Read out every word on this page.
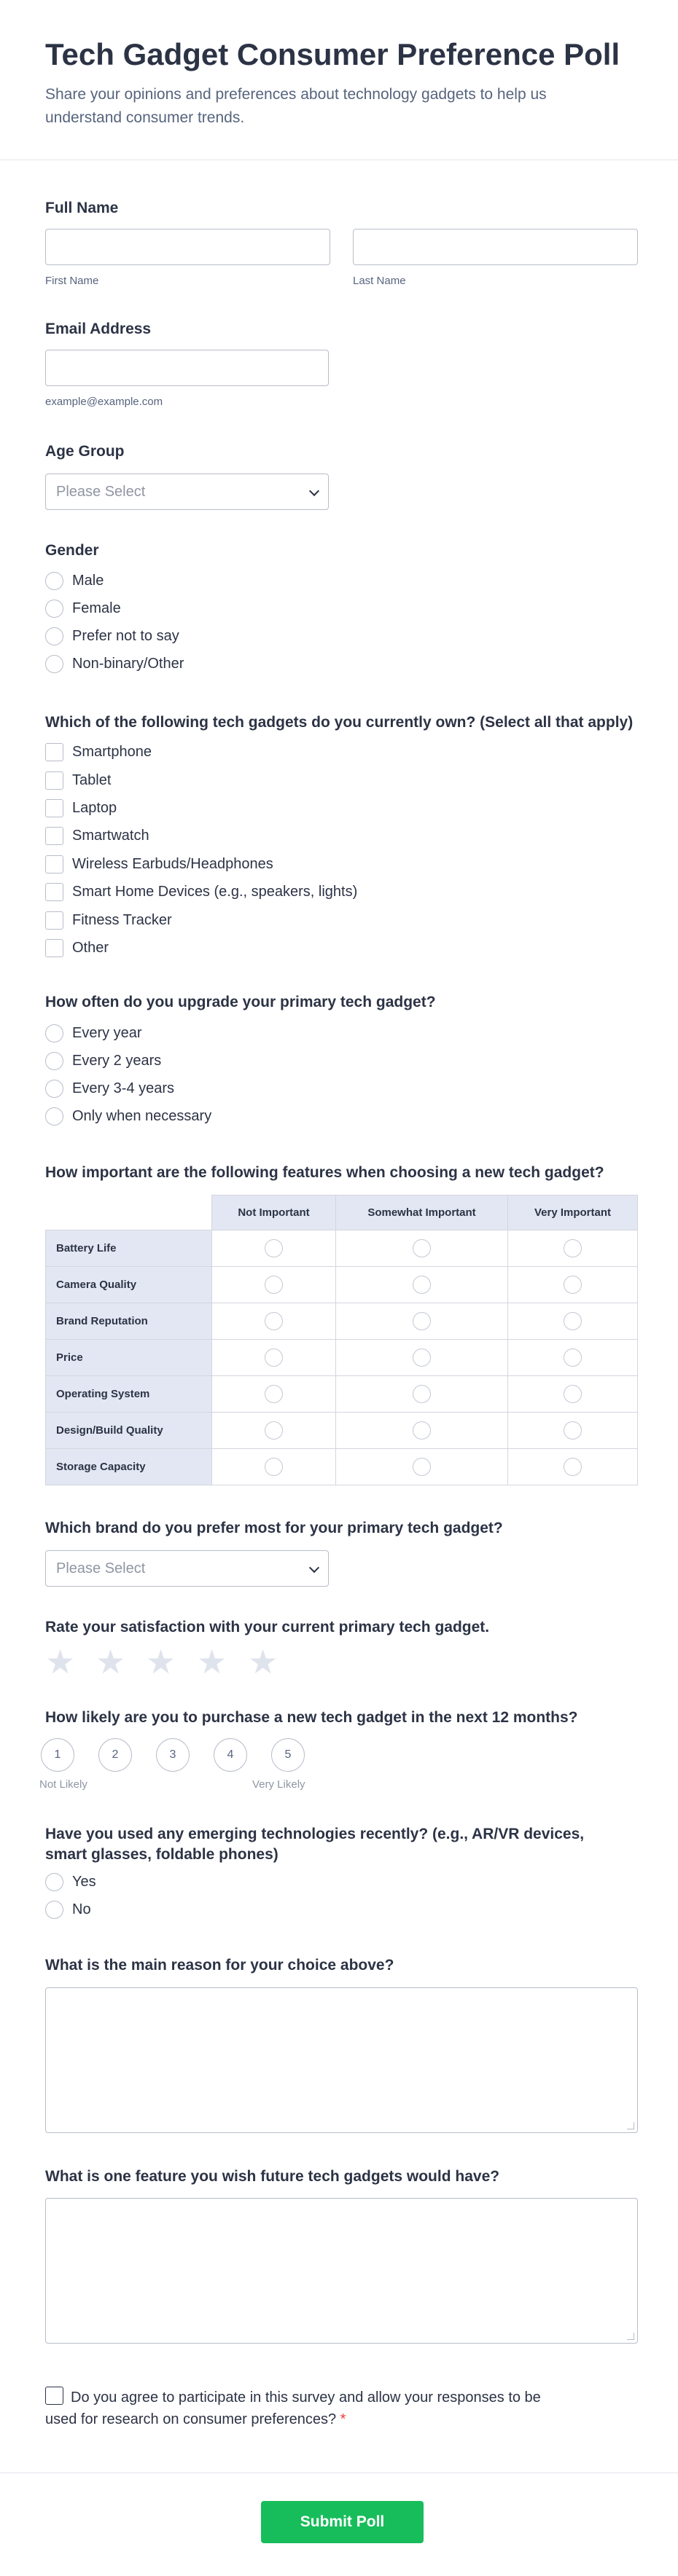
Tech Gadget Consumer Preference Poll

Share your opinions and preferences about technology gadgets to help us understand consumer trends.

Full Name
First Name	Last Name
Email Address
example@example.com
Age Group
Please Select
Gender
Male
Female
Prefer not to say
Non-binary/Other
Which of the following tech gadgets do you currently own? (Select all that apply)
Smartphone
Tablet
Laptop
Smartwatch
Wireless Earbuds/Headphones
Smart Home Devices (e.g., speakers, lights)
Fitness Tracker
Other
How often do you upgrade your primary tech gadget?
Every year
Every 2 years
Every 3-4 years
Only when necessary
How important are the following features when choosing a new tech gadget?
	Not Important	Somewhat Important	Very Important
Battery Life	

Camera Quality	

Brand Reputation	

Price	

Operating System	

Design/Build Quality	

Storage Capacity	

Which brand do you prefer most for your primary tech gadget?
Please Select
Rate your satisfaction with your current primary tech gadget.
★ ★ ★ ★ ★
How likely are you to purchase a new tech gadget in the next 12 months?
1	2	3	4	5
Not Likely	Very Likely
Have you used any emerging technologies recently? (e.g., AR/VR devices, smart glasses, foldable phones)
Yes
No
What is the main reason for your choice above?
What is one feature you wish future tech gadgets would have?
Do you agree to participate in this survey and allow your responses to be used for research on consumer preferences? *
Submit Poll
